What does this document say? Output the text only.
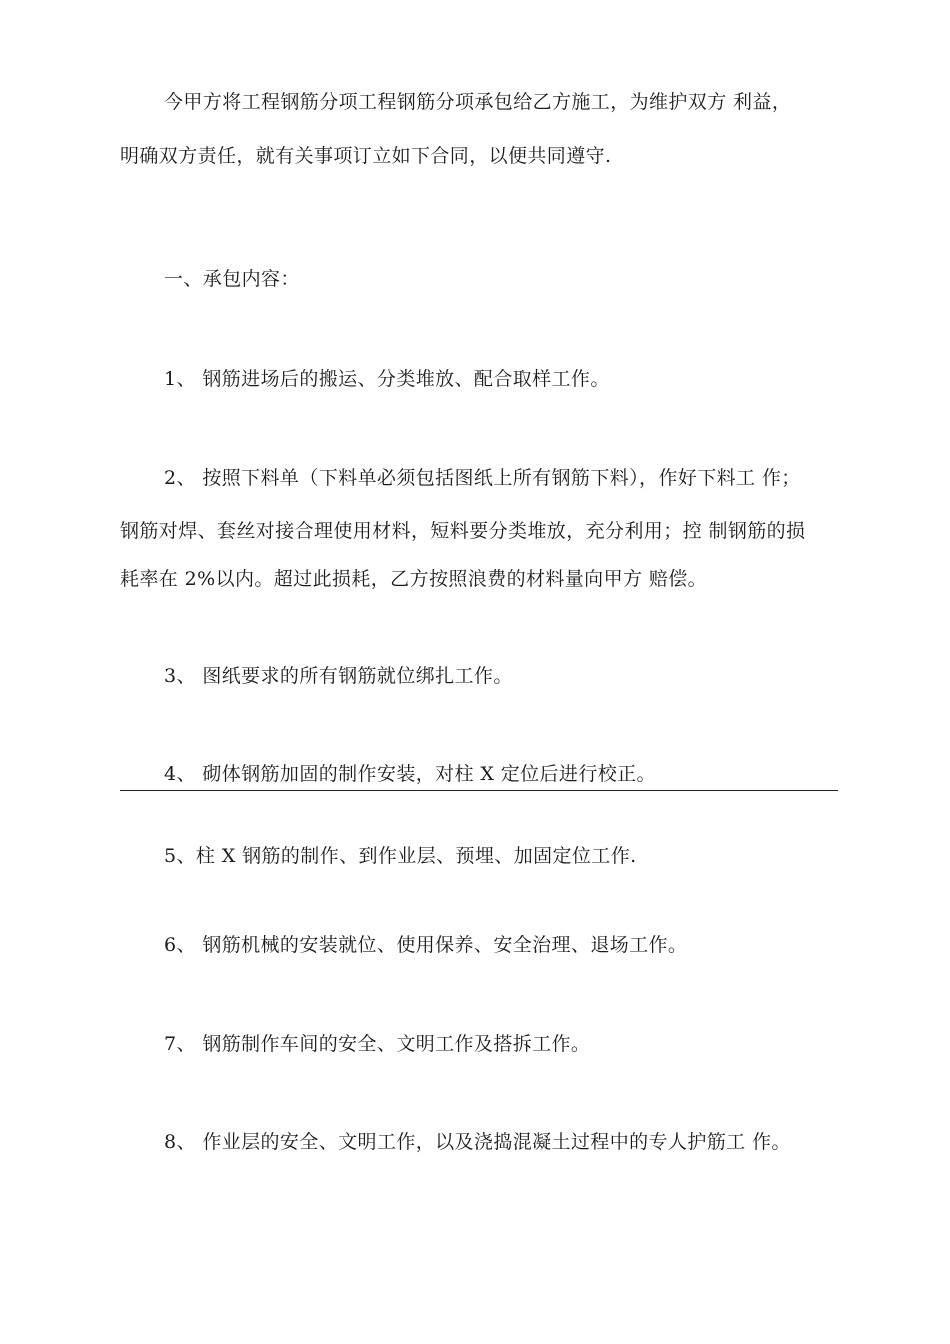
今甲方将工程钢筋分项工程钢筋分项承包给乙方施工，为维护双方 利益，
明确双方责任，就有关事项订立如下合同，以便共同遵守.
一、承包内容：
1、 钢筋进场后的搬运、分类堆放、配合取样工作。
2、 按照下料单（下料单必须包括图纸上所有钢筋下料），作好下料工 作；
钢筋对焊、套丝对接合理使用材料，短料要分类堆放，充分利用；控 制钢筋的损
耗率在 2%以内。超过此损耗，乙方按照浪费的材料量向甲方 赔偿。
3、 图纸要求的所有钢筋就位绑扎工作。
4、 砌体钢筋加固的制作安装，对柱 X 定位后进行校正。
5、柱 X 钢筋的制作、到作业层、预埋、加固定位工作.
6、 钢筋机械的安装就位、使用保养、安全治理、退场工作。
7、 钢筋制作车间的安全、文明工作及搭拆工作。
8、 作业层的安全、文明工作，以及浇捣混凝土过程中的专人护筋工 作。
